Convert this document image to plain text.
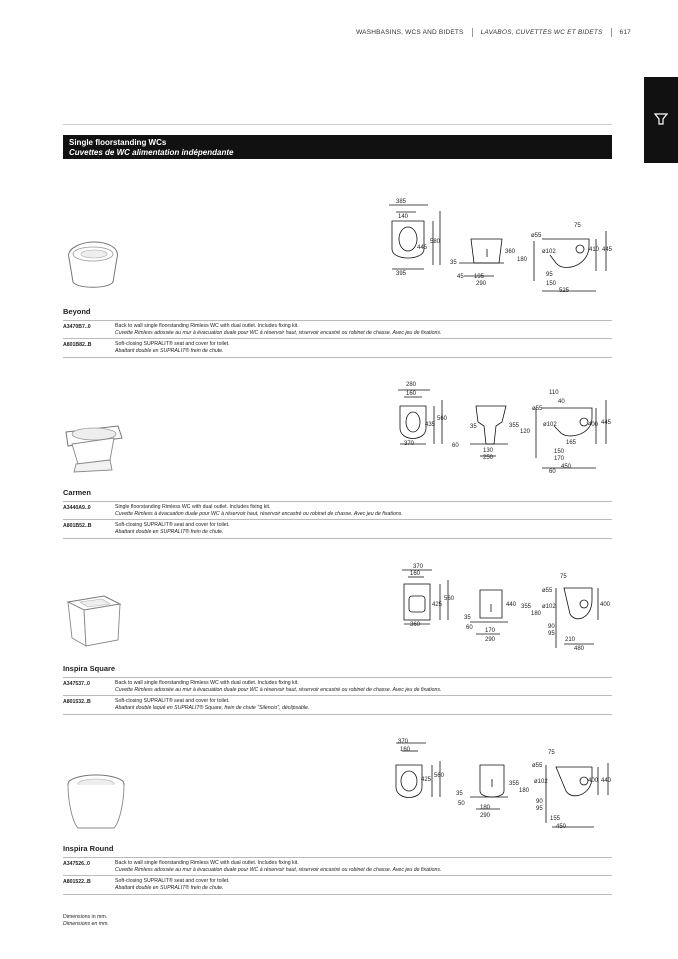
WASHBASINS, WCS AND BIDETS	LAVABOS, CUVETTES WC ET BIDETS	617
Single floorstanding WCs
Cuvettes de WC alimentation indépendante
385
140
445
580
395
35
45 195
290
75
ø55
ø102
360
180
410 445
95
150
525
Beyond
A3470B7..0	Back to wall single floorstanding Rimless WC with dual outlet. Includes fixing kit.
Cuvette Rimless adossée au mur à évacuation duale pour WC à réservoir haut, réservoir encastré ou robinet de chasse. Avec jeu de fixations.
A801B82..B	Soft-closing SUPRALIT® seat and cover for toilet.
Abattant double en SUPRALIT® frein de chute.
280
160
435
560
370
35
60
130
250
110
40
ø55
ø102
355
120
400 445
165
150
170
450
60
Carmen
A3440A9..0	Single floorstanding Rimless WC with dual outlet. Includes fixing kit.
Cuvette Rimless à évacuation duale pour WC à réservoir haut, réservoir encastré ou robinet de chasse. Avec jeu de fixations.
A801B52..B	Soft-closing SUPRALIT® seat and cover for toilet.
Abattant double en SUPRALIT® frein de chute.
370
160
425
560
360
440
35
60 170
290
75
ø55
ø102
355
180
400
90
95
210
480
Inspira Square
A347537..0	Back to wall single floorstanding Rimless WC with dual outlet. Includes fixing kit.
Cuvette Rimless adossée au mur à évacuation duale pour WC à réservoir haut, réservoir encastré ou robinet de chasse. Avec jeu de fixations.
A801532..B	Soft-closing SUPRALIT® seat and cover for toilet.
Abattant double laqué en SUPRALIT® Square, frein de chute "Silencio", déclipsable.
370
160
425
560
35
50
180
290
75
ø55
ø102
355
180
400 440
90
95
155
450
Inspira Round
A347526..0	Back to wall single floorstanding Rimless WC with dual outlet. Includes fixing kit.
Cuvette Rimless adossée au mur à évacuation duale pour WC à réservoir haut, réservoir encastré ou robinet de chasse. Avec jeu de fixations.
A801522..B	Soft-closing SUPRALIT® seat and cover for toilet.
Abattant double en SUPRALIT® frein de chute.
Dimensions in mm.
Dimensions en mm.
